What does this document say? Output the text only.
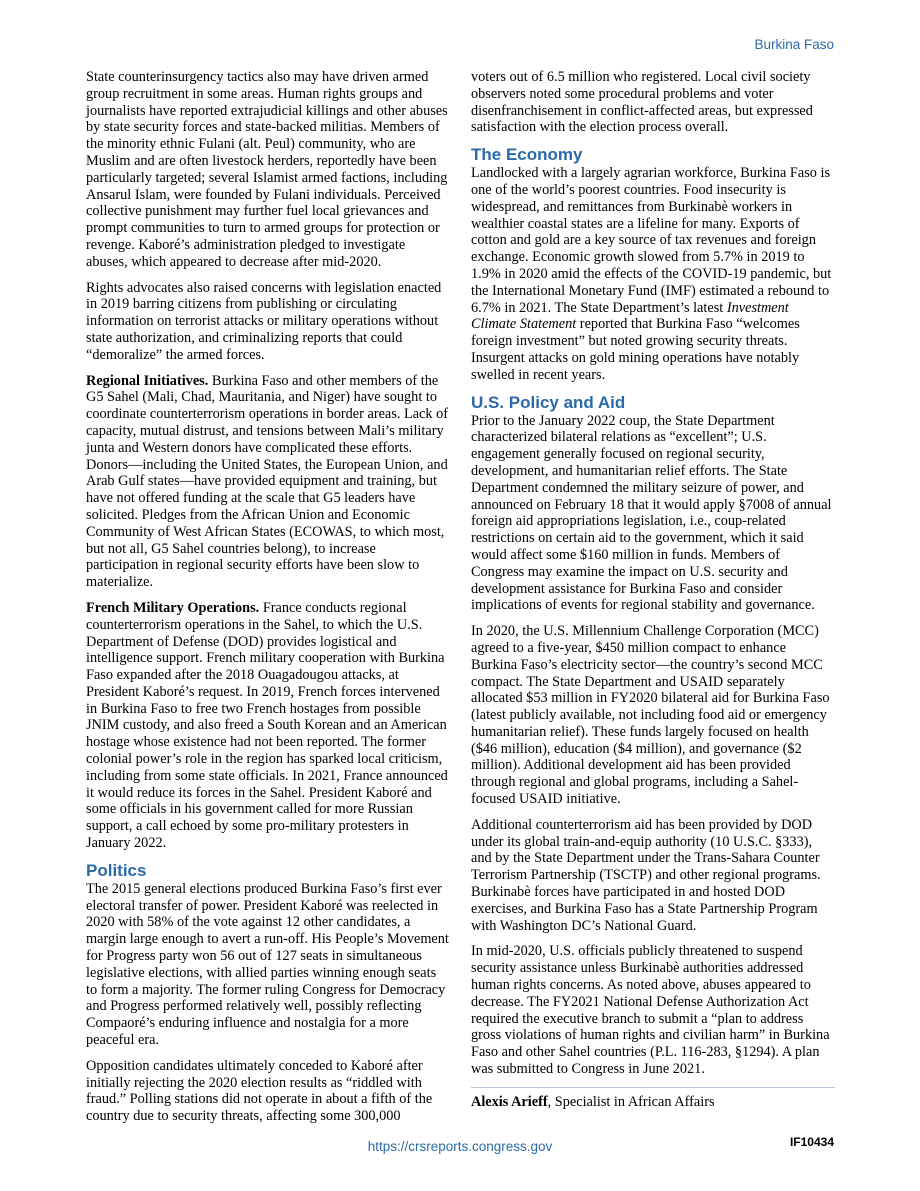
Burkina Faso

State counterinsurgency tactics also may have driven armed group recruitment in some areas. Human rights groups and journalists have reported extrajudicial killings and other abuses by state security forces and state-backed militias. Members of the minority ethnic Fulani (alt. Peul) community, who are Muslim and are often livestock herders, reportedly have been particularly targeted; several Islamist armed factions, including Ansarul Islam, were founded by Fulani individuals. Perceived collective punishment may further fuel local grievances and prompt communities to turn to armed groups for protection or revenge. Kaboré’s administration pledged to investigate abuses, which appeared to decrease after mid-2020.

Rights advocates also raised concerns with legislation enacted in 2019 barring citizens from publishing or circulating information on terrorist attacks or military operations without state authorization, and criminalizing reports that could “demoralize” the armed forces.

Regional Initiatives. Burkina Faso and other members of the G5 Sahel (Mali, Chad, Mauritania, and Niger) have sought to coordinate counterterrorism operations in border areas. Lack of capacity, mutual distrust, and tensions between Mali’s military junta and Western donors have complicated these efforts. Donors—including the United States, the European Union, and Arab Gulf states—have provided equipment and training, but have not offered funding at the scale that G5 leaders have solicited. Pledges from the African Union and Economic Community of West African States (ECOWAS, to which most, but not all, G5 Sahel countries belong), to increase participation in regional security efforts have been slow to materialize.

French Military Operations. France conducts regional counterterrorism operations in the Sahel, to which the U.S. Department of Defense (DOD) provides logistical and intelligence support. French military cooperation with Burkina Faso expanded after the 2018 Ouagadougou attacks, at President Kaboré’s request. In 2019, French forces intervened in Burkina Faso to free two French hostages from possible JNIM custody, and also freed a South Korean and an American hostage whose existence had not been reported. The former colonial power’s role in the region has sparked local criticism, including from some state officials. In 2021, France announced it would reduce its forces in the Sahel. President Kaboré and some officials in his government called for more Russian support, a call echoed by some pro-military protesters in January 2022.

Politics

The 2015 general elections produced Burkina Faso’s first ever electoral transfer of power. President Kaboré was reelected in 2020 with 58% of the vote against 12 other candidates, a margin large enough to avert a run-off. His People’s Movement for Progress party won 56 out of 127 seats in simultaneous legislative elections, with allied parties winning enough seats to form a majority. The former ruling Congress for Democracy and Progress performed relatively well, possibly reflecting Compaoré’s enduring influence and nostalgia for a more peaceful era.

Opposition candidates ultimately conceded to Kaboré after initially rejecting the 2020 election results as “riddled with fraud.” Polling stations did not operate in about a fifth of the country due to security threats, affecting some 300,000

voters out of 6.5 million who registered. Local civil society observers noted some procedural problems and voter disenfranchisement in conflict-affected areas, but expressed satisfaction with the election process overall.

The Economy

Landlocked with a largely agrarian workforce, Burkina Faso is one of the world’s poorest countries. Food insecurity is widespread, and remittances from Burkinabè workers in wealthier coastal states are a lifeline for many. Exports of cotton and gold are a key source of tax revenues and foreign exchange. Economic growth slowed from 5.7% in 2019 to 1.9% in 2020 amid the effects of the COVID-19 pandemic, but the International Monetary Fund (IMF) estimated a rebound to 6.7% in 2021. The State Department’s latest Investment Climate Statement reported that Burkina Faso “welcomes foreign investment” but noted growing security threats. Insurgent attacks on gold mining operations have notably swelled in recent years.

U.S. Policy and Aid

Prior to the January 2022 coup, the State Department characterized bilateral relations as “excellent”; U.S. engagement generally focused on regional security, development, and humanitarian relief efforts. The State Department condemned the military seizure of power, and announced on February 18 that it would apply §7008 of annual foreign aid appropriations legislation, i.e., coup-related restrictions on certain aid to the government, which it said would affect some $160 million in funds. Members of Congress may examine the impact on U.S. security and development assistance for Burkina Faso and consider implications of events for regional stability and governance.

In 2020, the U.S. Millennium Challenge Corporation (MCC) agreed to a five-year, $450 million compact to enhance Burkina Faso’s electricity sector—the country’s second MCC compact. The State Department and USAID separately allocated $53 million in FY2020 bilateral aid for Burkina Faso (latest publicly available, not including food aid or emergency humanitarian relief). These funds largely focused on health ($46 million), education ($4 million), and governance ($2 million). Additional development aid has been provided through regional and global programs, including a Sahel-focused USAID initiative.

Additional counterterrorism aid has been provided by DOD under its global train-and-equip authority (10 U.S.C. §333), and by the State Department under the Trans-Sahara Counter Terrorism Partnership (TSCTP) and other regional programs. Burkinabè forces have participated in and hosted DOD exercises, and Burkina Faso has a State Partnership Program with Washington DC’s National Guard.

In mid-2020, U.S. officials publicly threatened to suspend security assistance unless Burkinabè authorities addressed human rights concerns. As noted above, abuses appeared to decrease. The FY2021 National Defense Authorization Act required the executive branch to submit a “plan to address gross violations of human rights and civilian harm” in Burkina Faso and other Sahel countries (P.L. 116-283, §1294). A plan was submitted to Congress in June 2021.

Alexis Arieff, Specialist in African Affairs
IF10434
https://crsreports.congress.gov
